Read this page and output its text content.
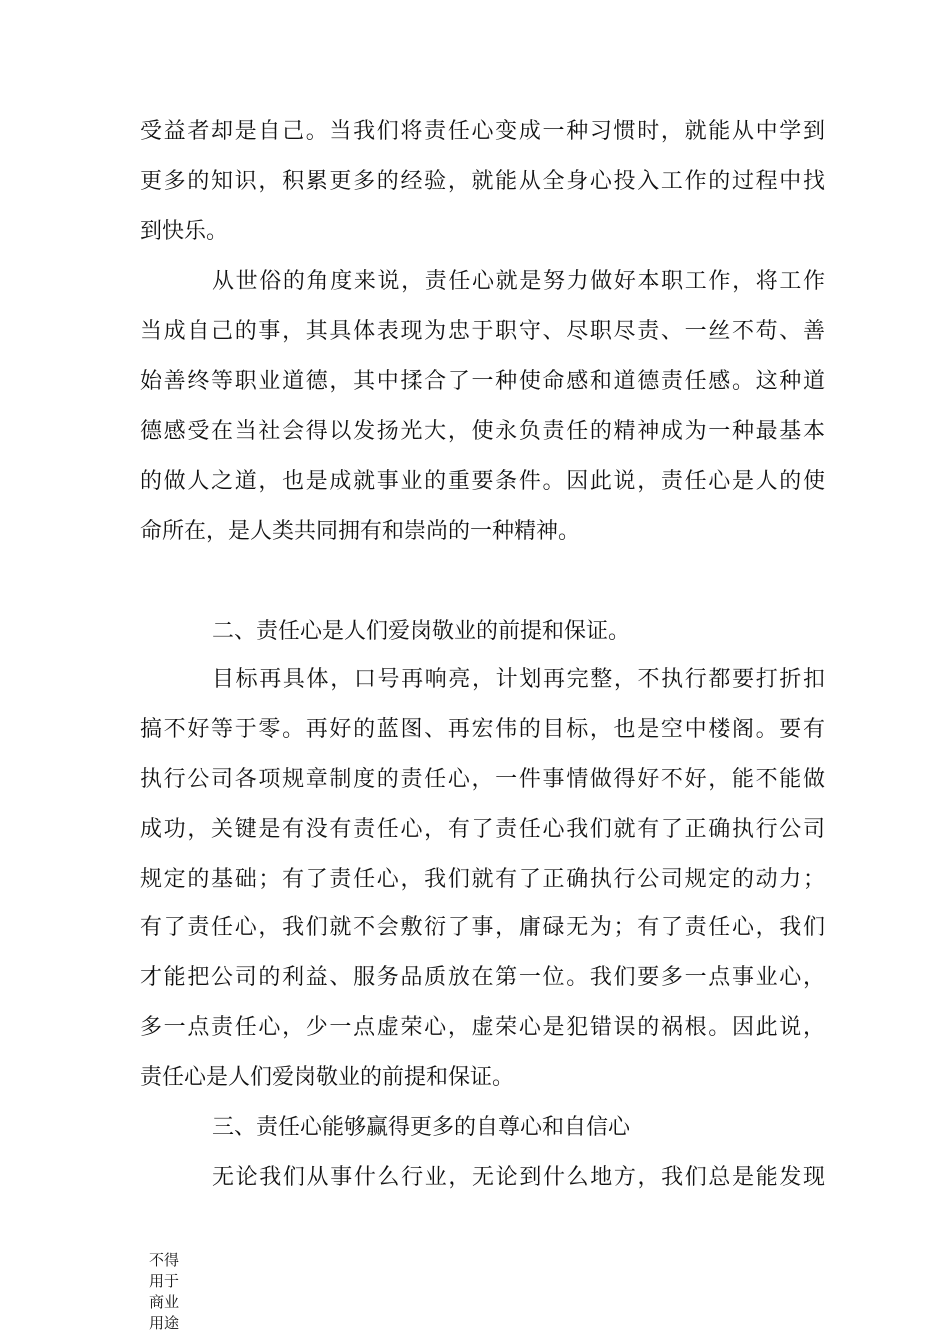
受益者却是自己。当我们将责任心变成一种习惯时，就能从中学到
更多的知识，积累更多的经验，就能从全身心投入工作的过程中找
到快乐。
从世俗的角度来说，责任心就是努力做好本职工作，将工作
当成自己的事，其具体表现为忠于职守、尽职尽责、一丝不苟、善
始善终等职业道德，其中揉合了一种使命感和道德责任感。这种道
德感受在当社会得以发扬光大，使永负责任的精神成为一种最基本
的做人之道，也是成就事业的重要条件。因此说，责任心是人的使
命所在，是人类共同拥有和崇尚的一种精神。
二、责任心是人们爱岗敬业的前提和保证。
目标再具体，口号再响亮，计划再完整，不执行都要打折扣
搞不好等于零。再好的蓝图、再宏伟的目标，也是空中楼阁。要有
执行公司各项规章制度的责任心，一件事情做得好不好，能不能做
成功，关键是有没有责任心，有了责任心我们就有了正确执行公司
规定的基础；有了责任心，我们就有了正确执行公司规定的动力；
有了责任心，我们就不会敷衍了事，庸碌无为；有了责任心，我们
才能把公司的利益、服务品质放在第一位。我们要多一点事业心，
多一点责任心，少一点虚荣心，虚荣心是犯错误的祸根。因此说，
责任心是人们爱岗敬业的前提和保证。
三、责任心能够赢得更多的自尊心和自信心
无论我们从事什么行业，无论到什么地方，我们总是能发现
不得
用于
商业
用途
